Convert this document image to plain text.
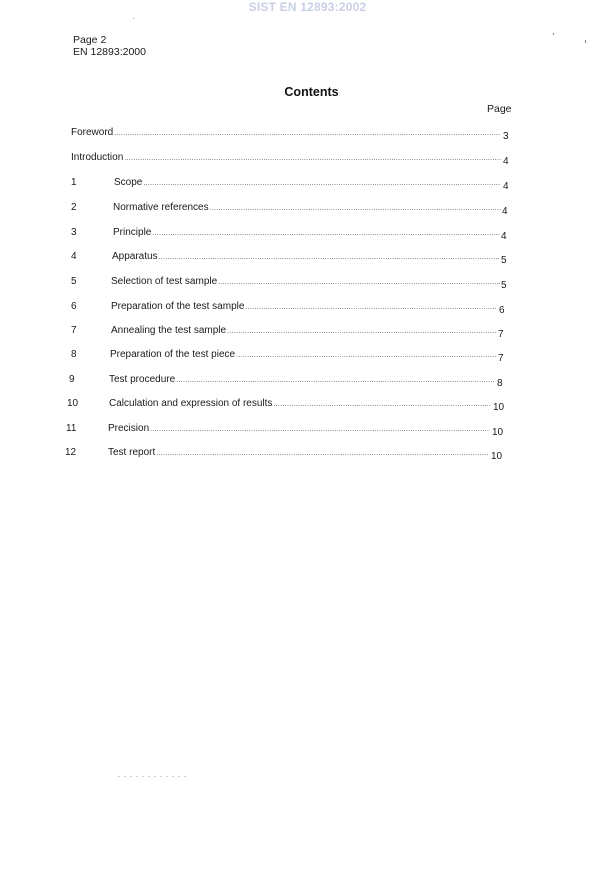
SIST EN 12893:2002
Page 2
EN 12893:2000
Contents
Page
Foreword .....	3
Introduction .....	4
1	Scope .....	4
2	Normative references .....	4
3	Principle .....	4
4	Apparatus .....	5
5	Selection of test sample .....	5
6	Preparation of the test sample .....	6
7	Annealing the test sample .....	7
8	Preparation of the test piece .....	7
9	Test procedure .....	8
10	Calculation and expression of results .....	10
11	Precision .....	10
12	Test report .....	10
